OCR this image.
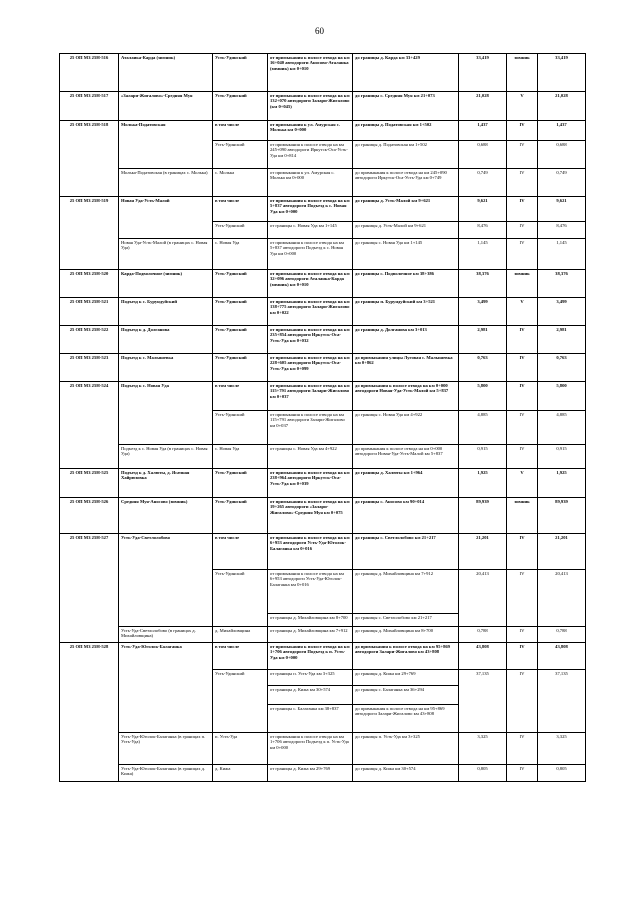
60
25 ОП МЗ 25Н-516	Аталаика-Карда (зимник)	Усть-Удинский	от примыкания к полосе отвода на км 16+040 автодороги Аносово-Аталанка (зимник) км 0+010	до границы д. Карда км 33+429	33,419	зимник	33,419
25 ОП МЗ 25Н-517	«Залари-Жигалово»-Средняя Муя	Усть-Удинский	от примыкания к полосе отвода на км 132+070 автодороги Залари-Жигалово (км 0+045)	до границы с. Средняя Муя км 21+073	21,028	V	21,028
25 ОП МЗ 25Н-518	Молька-Податовская	в том числе	от примыкания к ул. Амурская с. Молька км 0+000	до границы д. Податовская км 1+502	1,437	IV	1,437
		Усть-Удинский	от примыкания к полосе отвода на км 245+090 автодороги Иркутск-Оса-Усть-Уда км 0+814	до границы д. Податовская км 1+502	0,688	IV	0,688
	Молька-Податовская (в границах с. Молька)	с. Молька	от примыкания к ул. Амурская с. Молька км 0+000	до примыкания к полосе отвода на км 245+090 автодороги Иркутск-Оса-Усть-Уда км 0+749	0,749	IV	0,749
25 ОП МЗ 25Н-519	Новая Уда-Усть-Малой	в том числе	от примыкания к полосе отвода на км 5+837 автодороги Подъезд к с. Новая Уда км 0+000	до границы д. Усть-Малой км 9+621	9,621	IV	9,621
		Усть-Удинский	от границы с. Новая Уда км 1+145	до границы д. Усть-Малой км 9+621	8,476	IV	8,476
	Новая Уда-Усть-Малой (в границах с. Новая Уда)	с. Новая Уда	от примыкания к полосе отвода на км 5+837 автодороги Подъезд к с. Новая Уда км 0+000	до границы с. Новая Уда км 1+145	1,145	IV	1,145
25 ОП МЗ 25Н-520	Карда-Подволочное (зимник)	Усть-Удинский	от примыкания к полосе отвода на км 32+096 автодороги Аталанка-Карда (зимник) км 0+010	до границы с. Подволочное км 38+386	38,376	зимник	38,376
25 ОП МЗ 25Н-521	Подъезд к с. Бурундуйский	Усть-Удинский	от примыкания к полосе отвода на км 138+775 автодороги Залари-Жигалово км 0+022	до границы п. Бурундуйский км 3+521	3,499	V	3,499
25 ОП МЗ 25Н-522	Подъезд к д. Долганова	Усть-Удинский	от примыкания к полосе отвода на км 235+854 автодороги Иркутск-Оса-Усть-Уда км 0+032	до границы д. Долганова км 3+013	2,981	IV	2,981
25 ОП МЗ 25Н-523	Подъезд к с. Малышевка	Усть-Удинский	от примыкания к полосе отвода на км 228+605 автодороги Иркутск-Оса-Усть-Уда км 0+099	до примыкания улицы Луговая с. Малышевка км 0+862	0,763	IV	0,763
25 ОП МЗ 25Н-524	Подъезд к с. Новая Уда	в том числе	от примыкания к полосе отвода на км 115+791 автодороги Залари-Жигалово км 0+037	до примыкания к полосе отвода на км 0+000 автодороги Новая-Уда-Усть-Малой км 5+837	5,800	IV	5,800
		Усть-Удинский	от примыкания к полосе отвода на км 115+791 автодороги Залари-Жигалово км 0+037	до границы с. Новая Уда км 4+922	4,885	IV	4,885
	Подъезд к с. Новая Уда (в границах с. Новая Уда)	с. Новая Уда	от границы с. Новая Уда км 4+922	до примыкания к полосе отвода на км 0+000 автодороги Новая-Уда-Усть-Малой км 5+837	0,915	IV	0,915
25 ОП МЗ 25Н-525	Подъезд к д. Халюты, д. Ясачная Хайрюзовка	Усть-Удинский	от примыкания к полосе отвода на км 238+964 автодороги Иркутск-Оса-Усть-Уда км 0+039	до границы д. Халюты км 1+964	1,925	V	1,925
25 ОП МЗ 25Н-526	Средняя Муя-Аносово (зимник)	Усть-Удинский	от примыкания к полосе отвода на км 19+265 автодороги «Залари-Жигалово»-Средняя Муя км 0+075	до границы с. Аносово км 90+014	89,939	зимник	89,939
25 ОП МЗ 25Н-527	Усть-Уда-Светлолобово	в том числе	от примыкания к полосе отвода на км 6+953 автодороги Усть-Уда-Юголок-Балаганка км 0+016	до границы с. Светлолобово км 21+217	21,201	IV	21,201
		Усть-Удинский	от примыкания к полосе отвода на км 6+953 автодороги Усть-Уда-Юголок-Балаганка км 0+016	до границы д. Михайловщина км 7+912	20,413	IV	20,413
			от границы д. Михайловщина км 8+700	до границы с. Светлолобово км 21+217			
	Усть-Уда-Светлолобово (в границах д. Михайловщина)	д. Михайловщина	от границы д. Михайловщина км 7+912	до границы д. Михайловщина км 8+700	0,788	IV	0,788
25 ОП МЗ 25Н-528	Усть-Уда-Юголок-Балаганка	в том числе	от примыкания к полосе отвода на км 1+706 автодороги Подъезд к п. Усть-Уда км 0+000	до примыкания к полосе отвода на км 95+869 автодороги Залари-Жигалово км 43+808	43,808	IV	43,808
		Усть-Удинский	от границы п. Усть-Уда км 3+325	до границы д. Кижа км 29+769	37,135	IV	37,135
			от границы д. Кижа км 30+574	до границы с. Балаганка км 36+294			
			от границы с. Балаганка км 38+837	до примыкания к полосе отвода на км 95+869 автодороги Залари-Жигалово км 43+808			
	Усть-Уда-Юголок-Балаганка (в границах п. Усть-Уда)	п. Усть-Уда	от примыкания к полосе отвода на км 1+706 автодороги Подъезд к п. Усть-Уда км 0+000	до границы п. Усть-Уда км 3+325	3,325	IV	3,325
	Усть-Уда-Юголок-Балаганка (в границах д. Кижа)	д. Кижа	от границы д. Кижа км 29+769	до границы д. Кижа км 30+574	0,805	IV	0,805
